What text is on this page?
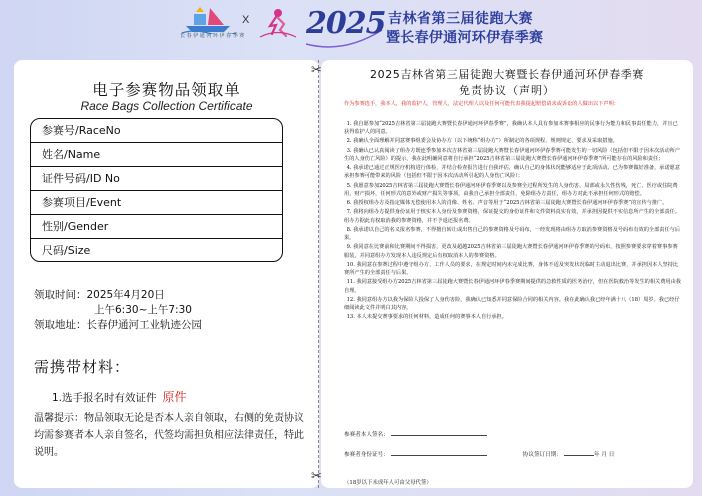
长 春 伊 通 河 环 伊 春 季 赛
X 2025 吉林省第三届徒跑大赛
暨长春伊通河环伊春季赛
✂
✂
电子参赛物品领取单
Race Bags Collection Certificate
参赛号/RaceNo
姓名/Name
证件号码/ID No
参赛项目/Event
性别/Gender
尺码/Size
领取时间：2025年4月20日
上午6:30~上午7:30
领取地址：长春伊通河工业轨迹公园
需携带材料：
1.选手报名时有效证件 原件
温馨提示：物品领取无论是否本人亲自领取，右侧的免责协议均需参赛者本人亲自签名，代签均需担负相应法律责任，特此说明。
2025吉林省第三届徒跑大赛暨长春伊通河环伊春季赛
免责协议（声明）
作为参赛选手，我本人，我的监护人，管理人，法定代理人以及任何可能代表我提起赔偿请求或诉讼的人做出以下声明：

1. 我自愿参加“2025吉林省第三届徒跑大赛暨长春伊通河环伊春季赛”，我确认本人具有参加本赛事相应的民事行为能力和民事责任能力，并且已获得监护人的同意。

2. 我确认全面理解并同意赛事组委会及协办方（以下统称“组办方”）所制定的各项规程、规则规定、要求及采取措施。

3. 我确认已认真阅读了组办方既连季参加本次吉林省第三届徒跑大赛暨长春伊通河环伊春季赛可能发生的一切风险（包括但不限于因本次活动所产生的人身伤亡风险）的提示，我在此明确同意将自行承担“2025吉林省第三届徒跑大赛暨长春伊通河环伊春季赛”所可能存在的风险和责任；

4. 我承诺已通过正规医疗机构进行体检，并结合检查报告进行自我评估，确认自己的身体状况能够适应于此项活动。已为参赛做好准备，承诺愿意承担参赛可能带来的风险（包括但不限于因本次活动所引起的人身伤亡风险）；

5. 我愿意参加2025吉林省第三届徒跑大赛暨长春伊通河环伊春季赛以及参赛全过程所发生的人身伤害，局部或永久性伤残，死亡，医疗或住院费用，财产损坏，任何形式的意外或财产损失等事项，由我自己承担全部责任，免除组办方责任，组办方对此不承担任何形式的赔偿。

6. 我授权组办方及指定媒体无偿使用本人的肖像、姓名、声音等用于“2025吉林省第三届徒跑大赛暨长春伊通河环伊春季赛”的宣传与推广。

7. 我将向组办方提供身份证用于核实本人身份及参赛资格，保证提交的身份证件和文件资料真实有效，并承担因提供不实信息所产生的全部责任。组办方据此有权取消我的参赛资格，并不予退还报名费。

8. 我承诺以自己的名义报名参赛，不得擅自转让或出售自己的参赛资格及号码布，一经发现将由组办方取消参赛资格及号码布有效的全部责任与后果。

9. 我同意在比赛前和比赛期间不得损害，更改及超越2025吉林省第三届徒跑大赛暨长春伊通河环伊春季赛的号码布，按照参赛要求穿着赛事参赛服装，并同意组办方发现本人违反规定后有权取消本人的参赛资格。

10. 我同意在参赛过程中遵守组办方、工作人员的要求，在规定时间内未完成比赛，身体不适及突发状况临时主动退出比赛，并承担因本人坚持比赛所产生的全部责任与后果。

11. 我同意接受组办方2025吉林省第三届徒跑大赛暨长春伊通河环伊春季赛期间提供的急救性质的医务治疗，但在医院救治等发生的相关费用由我自理。

12. 我同意组办方以我为保险人投保了人身伤害险，我确认已知悉并同意保险合同的相关内容。我在此确认我已经年满十八（18）周岁。我已经仔细阅读此文件并明白其内容。

13. 本人未提交赛事要求的任何材料，造成任何的赛事本人自行承担。

参赛者本人签名：
参赛者身份证号：	协议签订日期：	年 月 日
（18岁以下未成年人可由父母代签）
